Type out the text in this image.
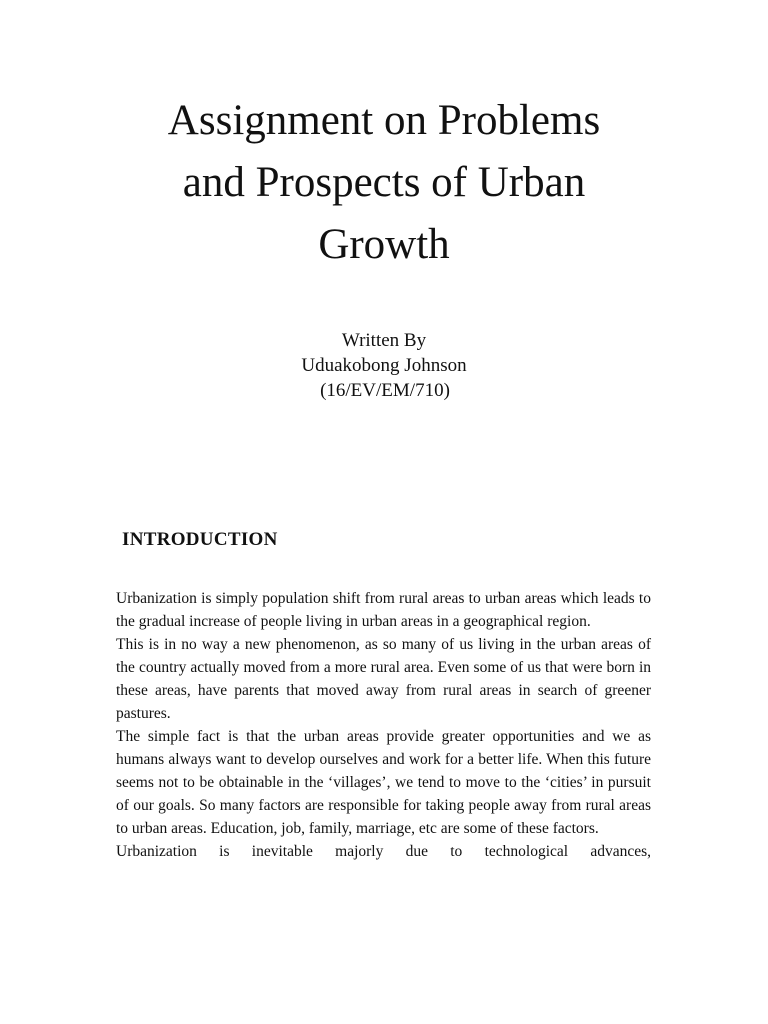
Assignment on Problems
and Prospects of Urban
Growth
Written By
Uduakobong Johnson
(16/EV/EM/710)
INTRODUCTION

Urbanization is simply population shift from rural areas to urban areas which leads to the gradual increase of people living in urban areas in a geographical region.

This is in no way a new phenomenon, as so many of us living in the urban areas of the country actually moved from a more rural area. Even some of us that were born in these areas, have parents that moved away from rural areas in search of greener pastures.

The simple fact is that the urban areas provide greater opportunities and we as humans always want to develop ourselves and work for a better life. When this future seems not to be obtainable in the ‘villages’, we tend to move to the ‘cities’ in pursuit of our goals. So many factors are responsible for taking people away from rural areas to urban areas. Education, job, family, marriage, etc are some of these factors.

Urbanization is inevitable majorly due to technological advances,
